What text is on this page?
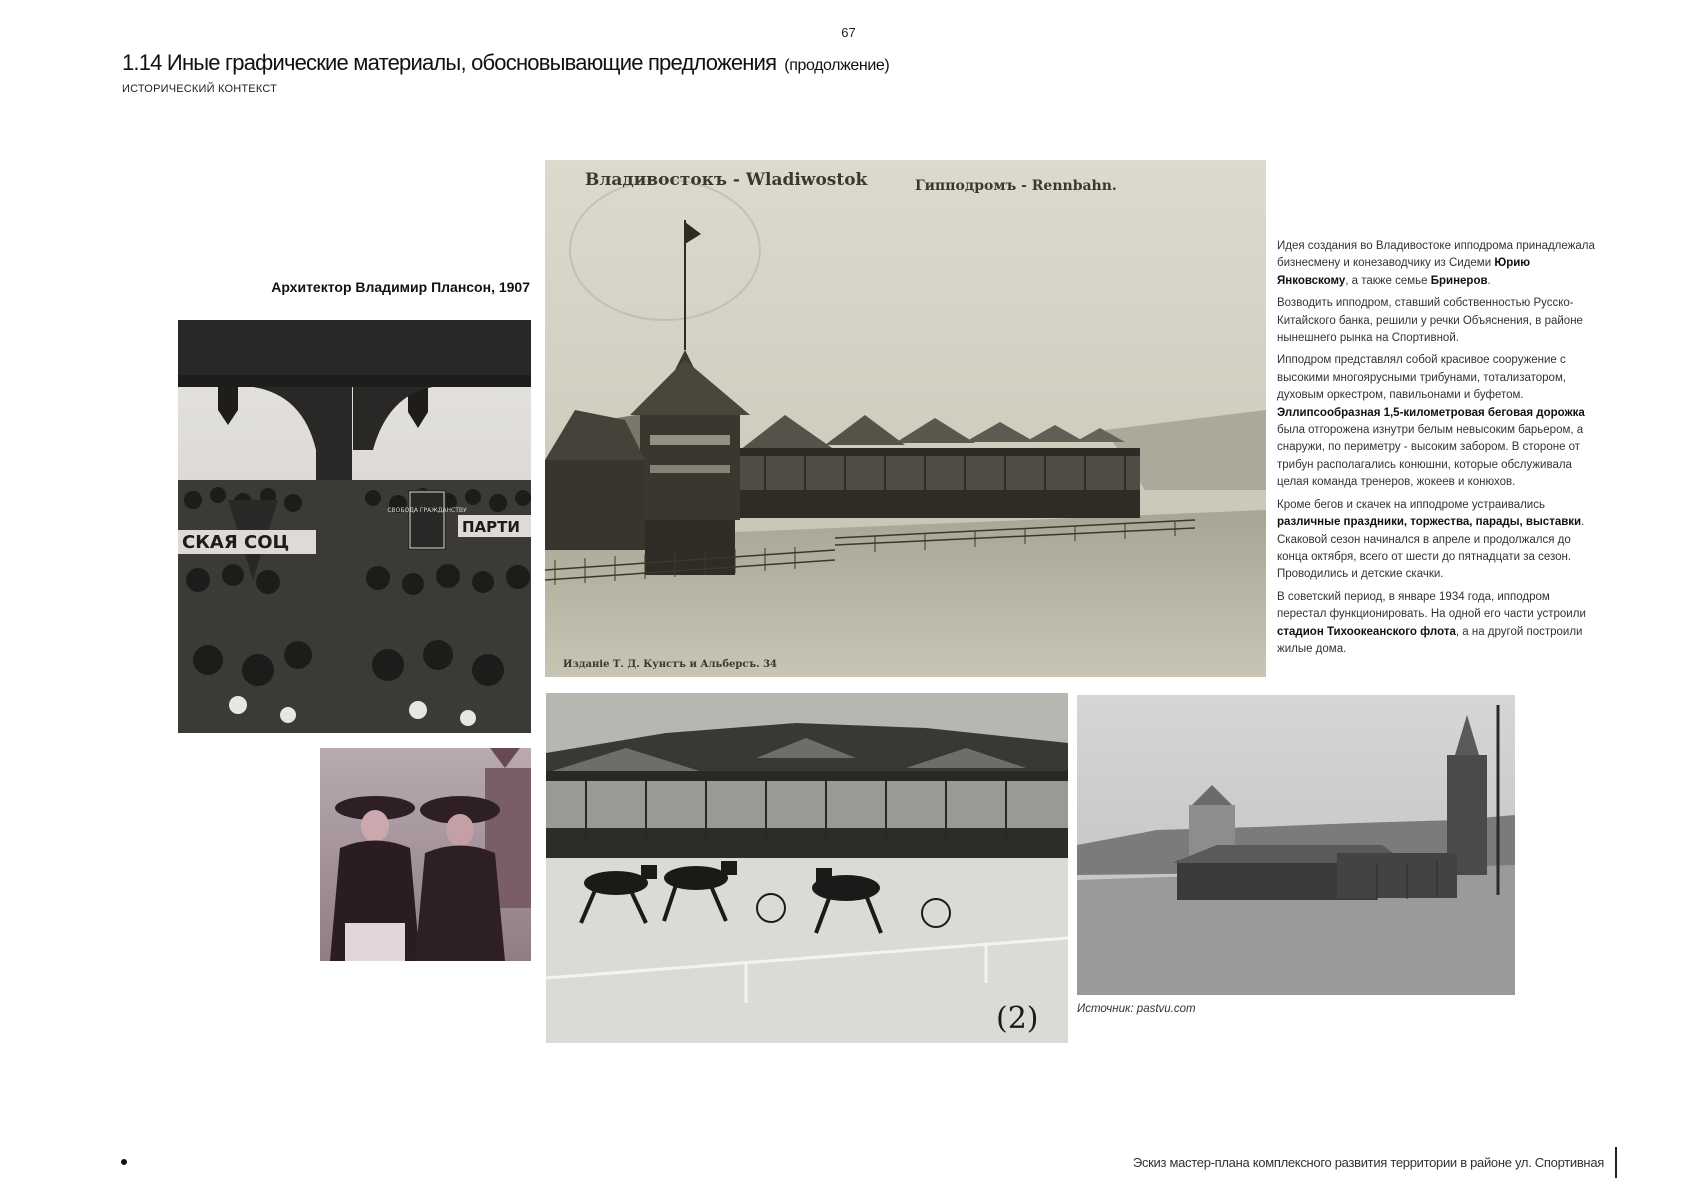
67
1.14 Иные графические материалы, обосновывающие предложения (продолжение)
ИСТОРИЧЕСКИЙ КОНТЕКСТ
Архитектор Владимир Плансон, 1907
Владивостокъ - Wladiwostok	Гипподромъ - Rennbahn.
Изданіе Т. Д. Кунстъ и Альберсъ. 34
СВОБОДА ГРАЖДАНСТВУ
СКАЯ СОЦ
ПАРТИ
(2)

Идея создания во Владивостоке ипподрома принадлежала бизнесмену и конезаводчику из Сидеми Юрию Янковскому, а также семье Бринеров.

Возводить ипподром, ставший собственностью Русско-Китайского банка, решили у речки Объяснения, в районе нынешнего рынка на Спортивной.

Ипподром представлял собой красивое сооружение с высокими многоярусными трибунами, тотализатором, духовым оркестром, павильонами и буфетом. Эллипсообразная 1,5-километровая беговая дорожка была отгорожена изнутри белым невысоким барьером, а снаружи, по периметру - высоким забором. В стороне от трибун располагались конюшни, которые обслуживала целая команда тренеров, жокеев и конюхов.

Кроме бегов и скачек на ипподроме устраивались различные праздники, торжества, парады, выставки. Скаковой сезон начинался в апреле и продолжался до конца октября, всего от шести до пятнадцати за сезон. Проводились и детские скачки.

В советский период, в январе 1934 года, ипподром перестал функционировать. На одной его части устроили стадион Тихоокеанского флота, а на другой построили жилые дома.

Источник: pastvu.com
Эскиз мастер-плана комплексного развития территории в районе ул. Спортивная
